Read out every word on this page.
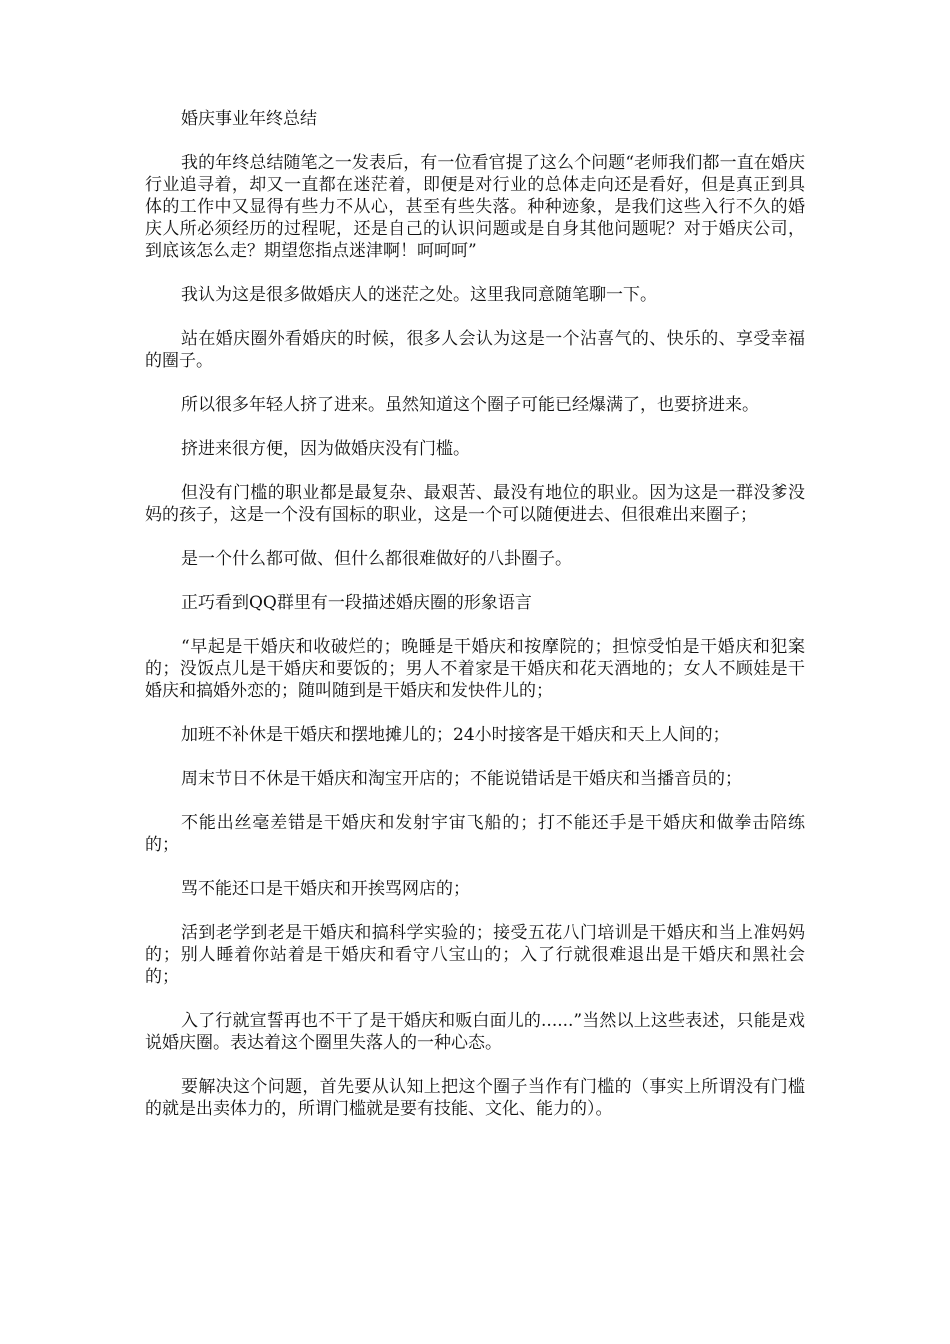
婚庆事业年终总结

我的年终总结随笔之一发表后，有一位看官提了这么个问题“老师我们都一直在婚庆行业追寻着，却又一直都在迷茫着，即便是对行业的总体走向还是看好，但是真正到具体的工作中又显得有些力不从心，甚至有些失落。种种迹象，是我们这些入行不久的婚庆人所必须经历的过程呢，还是自己的认识问题或是自身其他问题呢？对于婚庆公司，到底该怎么走？期望您指点迷津啊！呵呵呵”

我认为这是很多做婚庆人的迷茫之处。这里我同意随笔聊一下。

站在婚庆圈外看婚庆的时候，很多人会认为这是一个沾喜气的、快乐的、享受幸福的圈子。

所以很多年轻人挤了进来。虽然知道这个圈子可能已经爆满了，也要挤进来。

挤进来很方便，因为做婚庆没有门槛。

但没有门槛的职业都是最复杂、最艰苦、最没有地位的职业。因为这是一群没爹没妈的孩子，这是一个没有国标的职业，这是一个可以随便进去、但很难出来圈子；

是一个什么都可做、但什么都很难做好的八卦圈子。

正巧看到QQ群里有一段描述婚庆圈的形象语言

“早起是干婚庆和收破烂的；晚睡是干婚庆和按摩院的；担惊受怕是干婚庆和犯案的；没饭点儿是干婚庆和要饭的；男人不着家是干婚庆和花天酒地的；女人不顾娃是干婚庆和搞婚外恋的；随叫随到是干婚庆和发快件儿的；

加班不补休是干婚庆和摆地摊儿的；24小时接客是干婚庆和天上人间的；

周末节日不休是干婚庆和淘宝开店的；不能说错话是干婚庆和当播音员的；

不能出丝毫差错是干婚庆和发射宇宙飞船的；打不能还手是干婚庆和做拳击陪练的；

骂不能还口是干婚庆和开挨骂网店的；

活到老学到老是干婚庆和搞科学实验的；接受五花八门培训是干婚庆和当上准妈妈的；别人睡着你站着是干婚庆和看守八宝山的；入了行就很难退出是干婚庆和黑社会的；

入了行就宣誓再也不干了是干婚庆和贩白面儿的......”当然以上这些表述，只能是戏说婚庆圈。表达着这个圈里失落人的一种心态。

要解决这个问题，首先要从认知上把这个圈子当作有门槛的（事实上所谓没有门槛的就是出卖体力的，所谓门槛就是要有技能、文化、能力的）。
